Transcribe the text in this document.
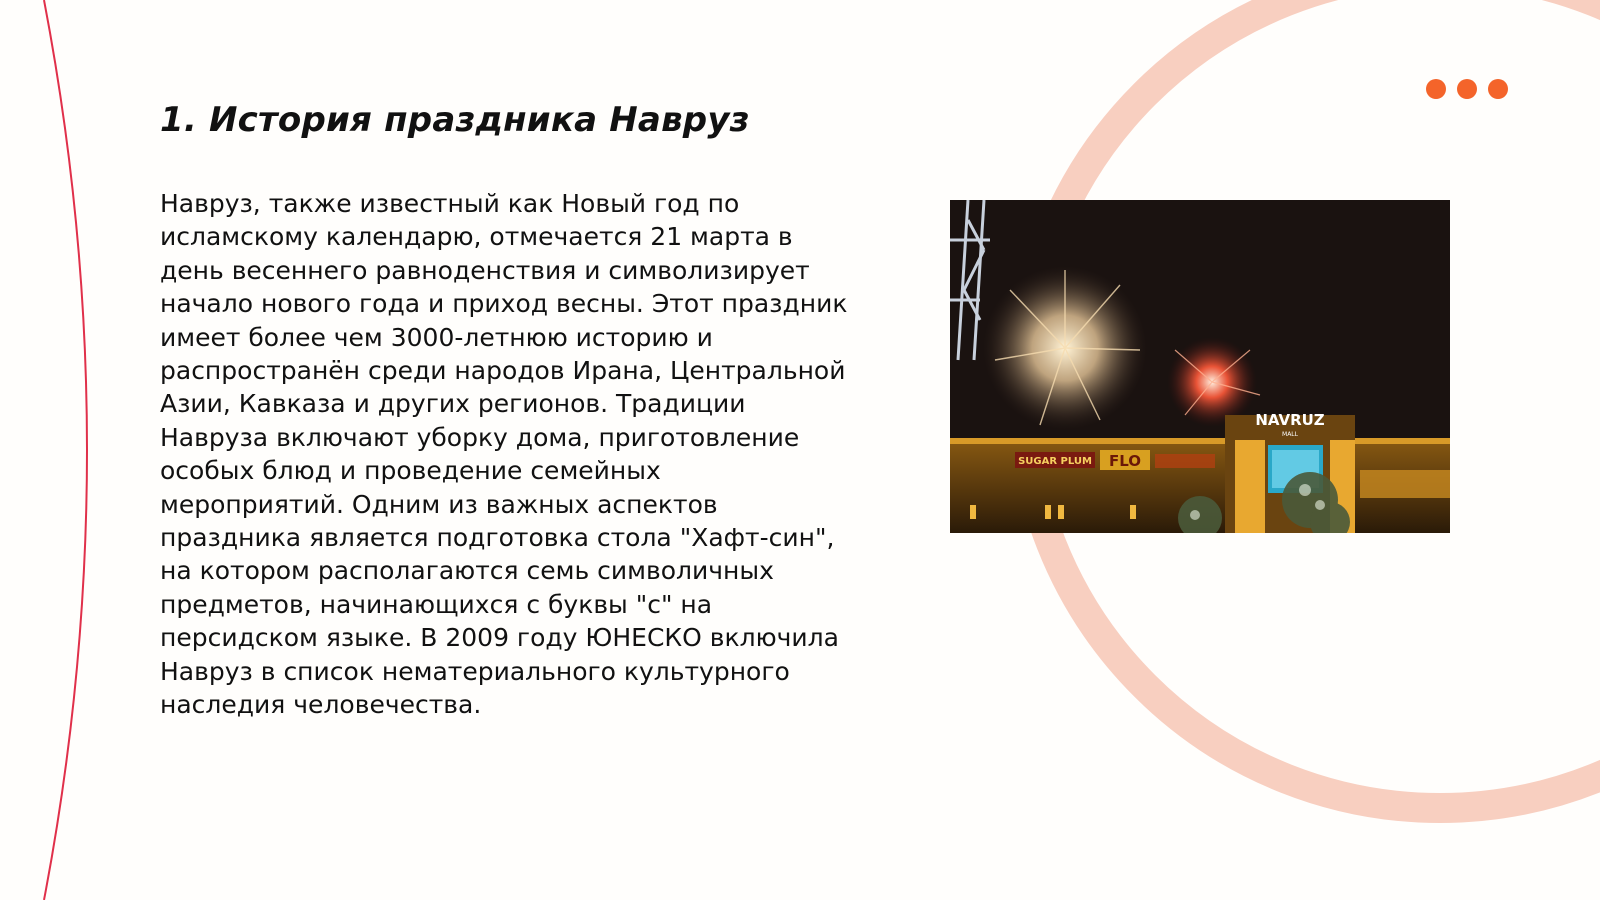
1. История праздника Навруз

Навруз, также известный как Новый год по исламскому календарю, отмечается 21 марта в день весеннего равноденствия и символизирует начало нового года и приход весны. Этот праздник имеет более чем 3000-летнюю историю и распространён среди народов Ирана, Центральной Азии, Кавказа и других регионов. Традиции Навруза включают уборку дома, приготовление особых блюд и проведение семейных мероприятий. Одним из важных аспектов праздника является подготовка стола "Хафт-син", на котором располагаются семь символичных предметов, начинающихся с буквы "с" на персидском языке. В 2009 году ЮНЕСКО включила Навруз в список нематериального культурного наследия человечества.

NAVRUZ
MALL
SUGAR PLUM FLO
